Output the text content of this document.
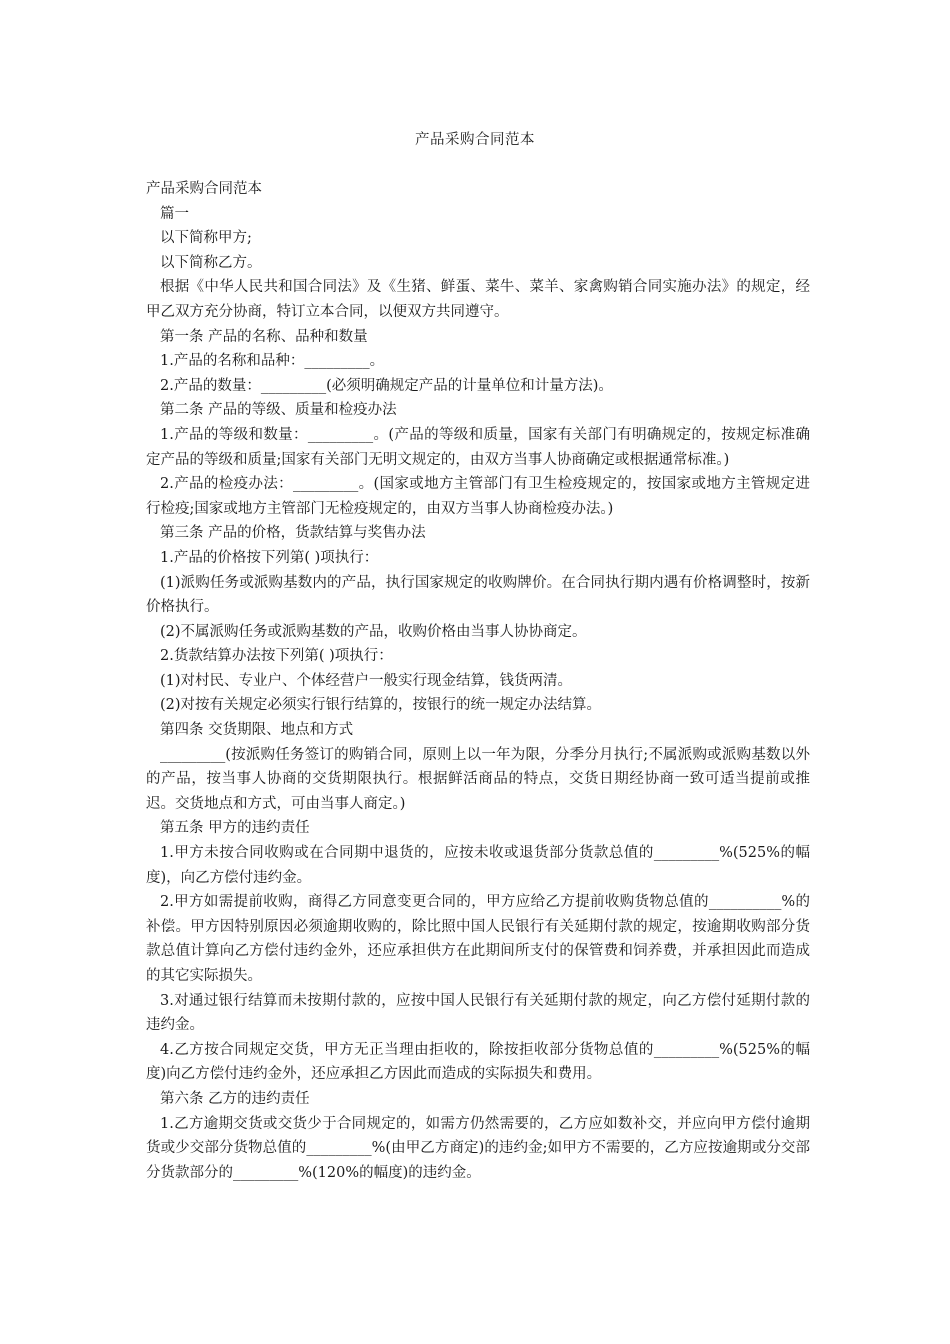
产品采购合同范本

产品采购合同范本

篇一

以下简称甲方;

以下简称乙方。

根据《中华人民共和国合同法》及《生猪、鲜蛋、菜牛、菜羊、家禽购销合同实施办法》的规定，经甲乙双方充分协商，特订立本合同，以便双方共同遵守。

第一条 产品的名称、品种和数量

1.产品的名称和品种：_________。

2.产品的数量：_________(必须明确规定产品的计量单位和计量方法)。

第二条 产品的等级、质量和检疫办法

1.产品的等级和数量：_________。(产品的等级和质量，国家有关部门有明确规定的，按规定标准确定产品的等级和质量;国家有关部门无明文规定的，由双方当事人协商确定或根据通常标准。)

2.产品的检疫办法：_________。(国家或地方主管部门有卫生检疫规定的，按国家或地方主管规定进行检疫;国家或地方主管部门无检疫规定的，由双方当事人协商检疫办法。)

第三条 产品的价格，货款结算与奖售办法

1.产品的价格按下列第( )项执行：

(1)派购任务或派购基数内的产品，执行国家规定的收购牌价。在合同执行期内遇有价格调整时，按新价格执行。

(2)不属派购任务或派购基数的产品，收购价格由当事人协协商定。

2.货款结算办法按下列第( )项执行：

(1)对村民、专业户、个体经营户一般实行现金结算，钱货两清。

(2)对按有关规定必须实行银行结算的，按银行的统一规定办法结算。

第四条 交货期限、地点和方式

_________(按派购任务签订的购销合同，原则上以一年为限，分季分月执行;不属派购或派购基数以外的产品，按当事人协商的交货期限执行。根据鲜活商品的特点，交货日期经协商一致可适当提前或推迟。交货地点和方式，可由当事人商定。)

第五条 甲方的违约责任

1.甲方未按合同收购或在合同期中退货的，应按未收或退货部分货款总值的_________%(525%的幅度)，向乙方偿付违约金。

2.甲方如需提前收购，商得乙方同意变更合同的，甲方应给乙方提前收购货物总值的__________%的补偿。甲方因特别原因必须逾期收购的，除比照中国人民银行有关延期付款的规定，按逾期收购部分货款总值计算向乙方偿付违约金外，还应承担供方在此期间所支付的保管费和饲养费，并承担因此而造成的其它实际损失。

3.对通过银行结算而未按期付款的，应按中国人民银行有关延期付款的规定，向乙方偿付延期付款的违约金。

4.乙方按合同规定交货，甲方无正当理由拒收的，除按拒收部分货物总值的_________%(525%的幅度)向乙方偿付违约金外，还应承担乙方因此而造成的实际损失和费用。

第六条 乙方的违约责任

1.乙方逾期交货或交货少于合同规定的，如需方仍然需要的，乙方应如数补交，并应向甲方偿付逾期货或少交部分货物总值的_________%(由甲乙方商定)的违约金;如甲方不需要的，乙方应按逾期或分交部分货款部分的_________%(120%的幅度)的违约金。
